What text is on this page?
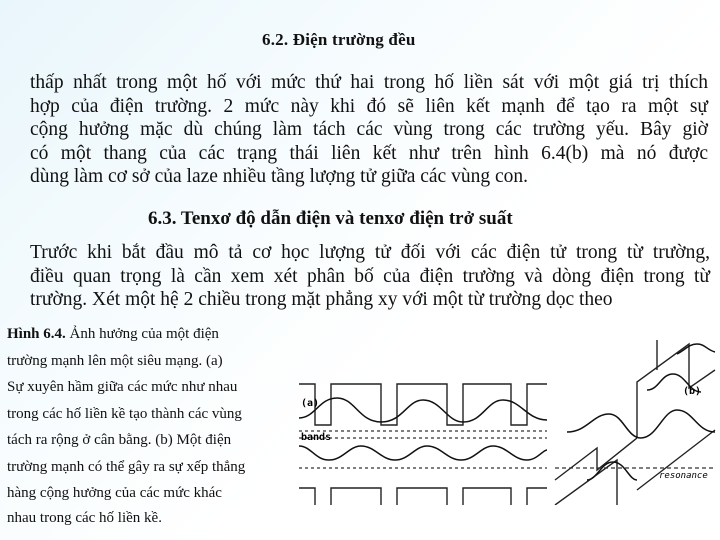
6.2. Điện trường đều
thấp nhất trong một hố với mức thứ hai trong hố liền sát với một giá trị thích
hợp của điện trường. 2 mức này khi đó sẽ liên kết mạnh để tạo ra một sự
cộng hưởng mặc dù chúng làm tách các vùng trong các trường yếu. Bây giờ
có một thang của các trạng thái liên kết như trên hình 6.4(b) mà nó được
dùng làm cơ sở của laze nhiều tầng lượng tử giữa các vùng con.
6.3. Tenxơ độ dẫn điện và tenxơ điện trở suất
Trước khi bắt đầu mô tả cơ học lượng tử đối với các điện tử trong từ trường,
điều quan trọng là cần xem xét phân bố của điện trường và dòng điện trong từ
trường. Xét một hệ 2 chiều trong mặt phẳng xy với một từ trường dọc theo
Hình 6.4. Ảnh hưởng của một điện
trường mạnh lên một siêu mạng. (a)
Sự xuyên hầm giữa các mức như nhau
trong các hố liền kề tạo thành các vùng
tách ra rộng ở cân bằng. (b) Một điện
trường mạnh có thể gây ra sự xếp thẳng
hàng cộng hưởng của các mức khác
nhau trong các hố liền kề.
(a)
bands
(b)
resonance
